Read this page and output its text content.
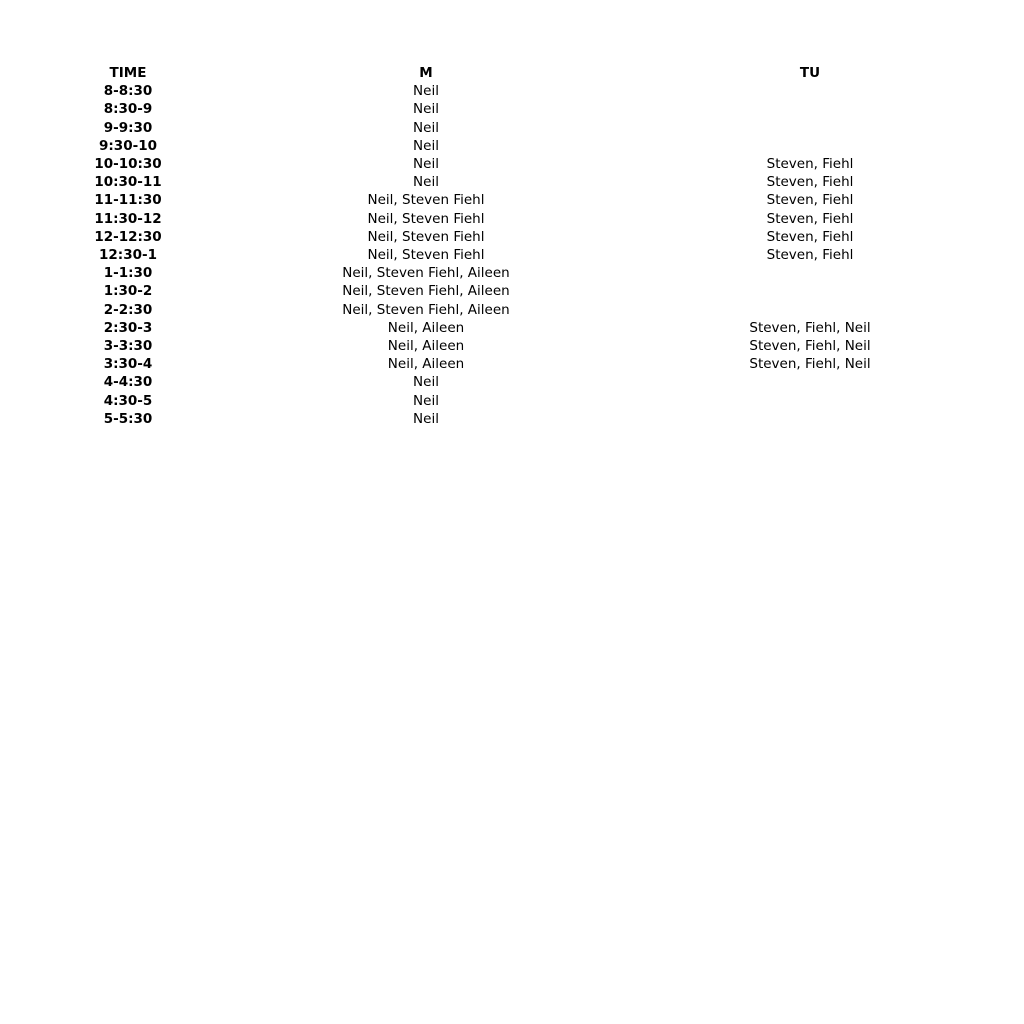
TIME	M	TU
8-8:30	Neil	
8:30-9	Neil	
9-9:30	Neil	
9:30-10	Neil	
10-10:30	Neil	Steven, Fiehl
10:30-11	Neil	Steven, Fiehl
11-11:30	Neil, Steven Fiehl	Steven, Fiehl
11:30-12	Neil, Steven Fiehl	Steven, Fiehl
12-12:30	Neil, Steven Fiehl	Steven, Fiehl
12:30-1	Neil, Steven Fiehl	Steven, Fiehl
1-1:30	Neil, Steven Fiehl, Aileen	
1:30-2	Neil, Steven Fiehl, Aileen	
2-2:30	Neil, Steven Fiehl, Aileen	
2:30-3	Neil, Aileen	Steven, Fiehl, Neil
3-3:30	Neil, Aileen	Steven, Fiehl, Neil
3:30-4	Neil, Aileen	Steven, Fiehl, Neil
4-4:30	Neil	
4:30-5	Neil	
5-5:30	Neil	
